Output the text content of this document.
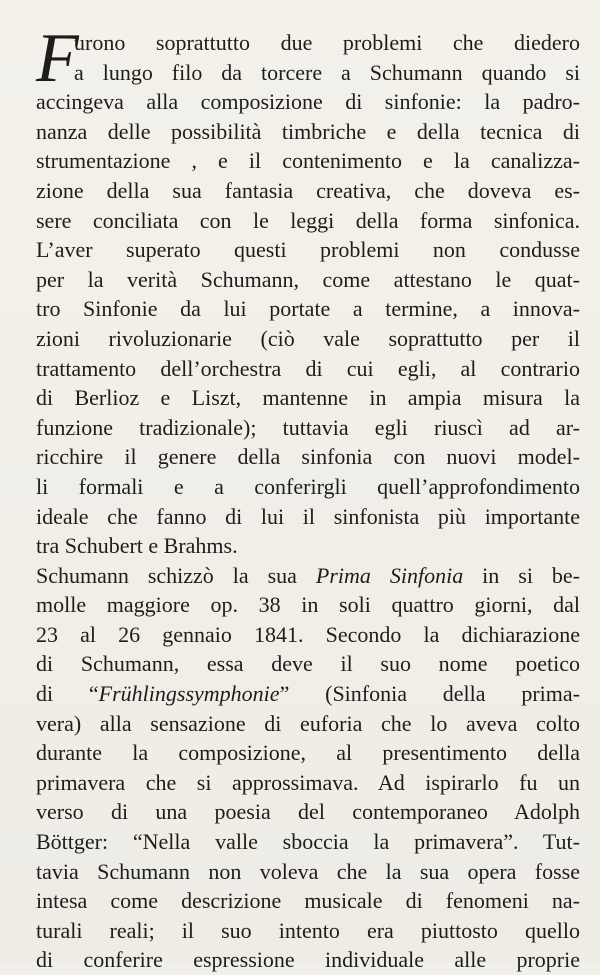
F
urono soprattutto due problemi che diedero
a lungo filo da torcere a Schumann quando si
accingeva alla composizione di sinfonie: la padro-
nanza delle possibilità timbriche e della tecnica di
strumentazione , e il contenimento e la canalizza-
zione della sua fantasia creativa, che doveva es-
sere conciliata con le leggi della forma sinfonica.
L’aver superato questi problemi non condusse
per la verità Schumann, come attestano le quat-
tro Sinfonie da lui portate a termine, a innova-
zioni rivoluzionarie (ciò vale soprattutto per il
trattamento dell’orchestra di cui egli, al contrario
di Berlioz e Liszt, mantenne in ampia misura la
funzione tradizionale); tuttavia egli riuscì ad ar-
ricchire il genere della sinfonia con nuovi model-
li formali e a conferirgli quell’approfondimento
ideale che fanno di lui il sinfonista più importante
tra Schubert e Brahms.
Schumann schizzò la sua Prima Sinfonia in si be-
molle maggiore op. 38 in soli quattro giorni, dal
23 al 26 gennaio 1841. Secondo la dichiarazione
di Schumann, essa deve il suo nome poetico
di “Frühlingssymphonie” (Sinfonia della prima-
vera) alla sensazione di euforia che lo aveva colto
durante la composizione, al presentimento della
primavera che si approssimava. Ad ispirarlo fu un
verso di una poesia del contemporaneo Adolph
Böttger: “Nella valle sboccia la primavera”. Tut-
tavia Schumann non voleva che la sua opera fosse
intesa come descrizione musicale di fenomeni na-
turali reali; il suo intento era piuttosto quello
di conferire espressione individuale alle proprie
